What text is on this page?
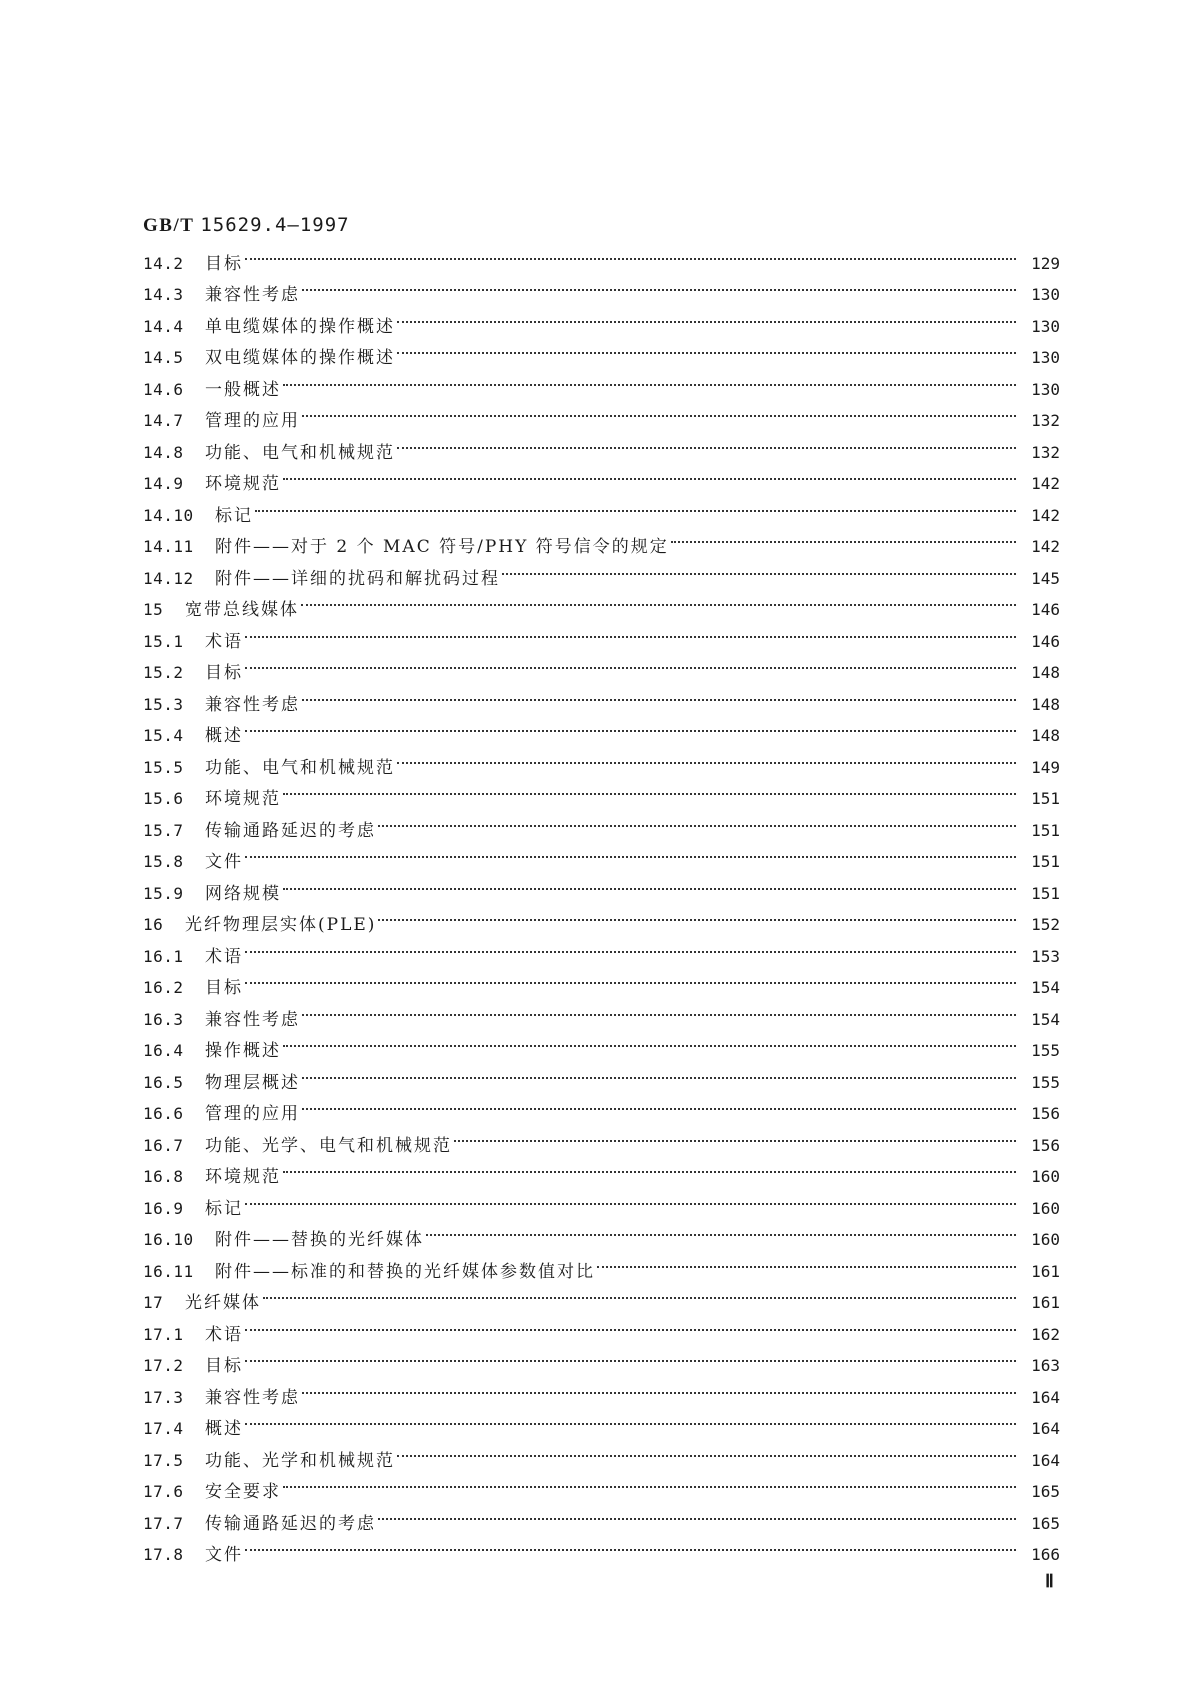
GB/T 15629.4—1997
14.2	目标	129
14.3	兼容性考虑	130
14.4	单电缆媒体的操作概述	130
14.5	双电缆媒体的操作概述	130
14.6	一般概述	130
14.7	管理的应用	132
14.8	功能、电气和机械规范	132
14.9	环境规范	142
14.10	标记	142
14.11	附件——对于 2 个 MAC 符号/PHY 符号信令的规定	142
14.12	附件——详细的扰码和解扰码过程	145
15	宽带总线媒体	146
15.1	术语	146
15.2	目标	148
15.3	兼容性考虑	148
15.4	概述	148
15.5	功能、电气和机械规范	149
15.6	环境规范	151
15.7	传输通路延迟的考虑	151
15.8	文件	151
15.9	网络规模	151
16	光纤物理层实体(PLE)	152
16.1	术语	153
16.2	目标	154
16.3	兼容性考虑	154
16.4	操作概述	155
16.5	物理层概述	155
16.6	管理的应用	156
16.7	功能、光学、电气和机械规范	156
16.8	环境规范	160
16.9	标记	160
16.10	附件——替换的光纤媒体	160
16.11	附件——标准的和替换的光纤媒体参数值对比	161
17	光纤媒体	161
17.1	术语	162
17.2	目标	163
17.3	兼容性考虑	164
17.4	概述	164
17.5	功能、光学和机械规范	164
17.6	安全要求	165
17.7	传输通路延迟的考虑	165
17.8	文件	166
Ⅱ
